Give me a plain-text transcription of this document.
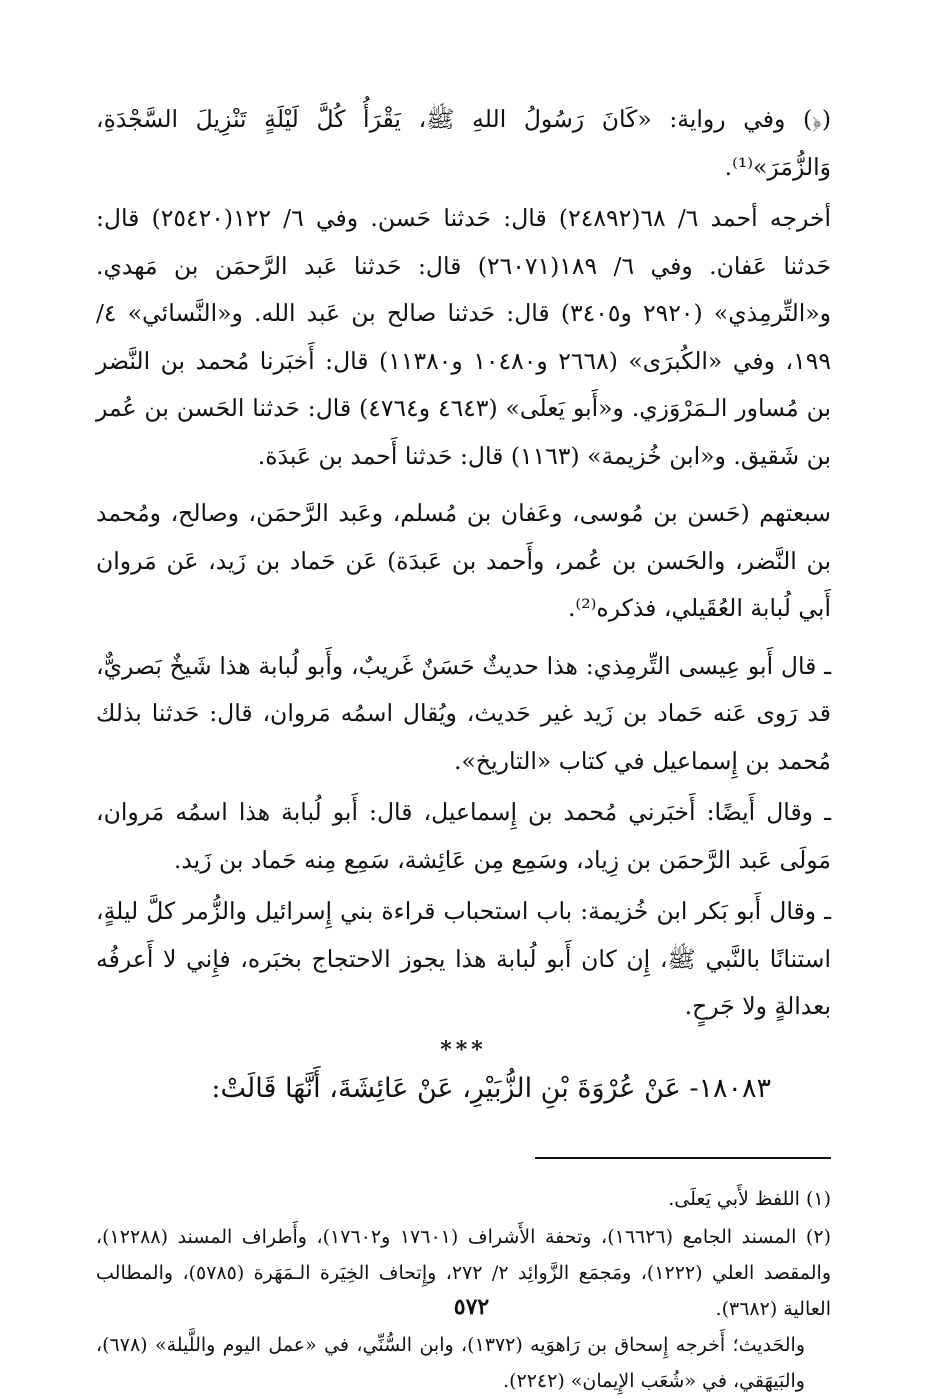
(﴿) وفي رواية: «كَانَ رَسُولُ اللهِ ﷺ، يَقْرَأُ كُلَّ لَيْلَةٍ تَنْزِيلَ السَّجْدَةِ، وَالزُّمَرَ»⁽¹⁾.

أخرجه أحمد ٦/ ٦٨(٢٤٨٩٢) قال: حَدثنا حَسن. وفي ٦/ ١٢٢(٢٥٤٢٠) قال: حَدثنا عَفان. وفي ٦/ ١٨٩(٢٦٠٧١) قال: حَدثنا عَبد الرَّحمَن بن مَهدي. و«التِّرمِذي» (٢٩٢٠ و٣٤٠٥) قال: حَدثنا صالح بن عَبد الله. و«النَّسائي» ٤/ ١٩٩، وفي «الكُبرَى» (٢٦٦٨ و١٠٤٨٠ و١١٣٨٠) قال: أَخبَرنا مُحمد بن النَّضر بن مُساور الـمَرْوَزي. و«أَبو يَعلَى» (٤٦٤٣ و٤٧٦٤) قال: حَدثنا الحَسن بن عُمر بن شَقيق. و«ابن خُزيمة» (١١٦٣) قال: حَدثنا أَحمد بن عَبدَة.

سبعتهم (حَسن بن مُوسى، وعَفان بن مُسلم، وعَبد الرَّحمَن، وصالح، ومُحمد بن النَّضر، والحَسن بن عُمر، وأَحمد بن عَبدَة) عَن حَماد بن زَيد، عَن مَروان أَبي لُبابة العُقَيلي، فذكره⁽²⁾.

ـ قال أَبو عِيسى التِّرمِذي: هذا حديثٌ حَسَنٌ غَريبٌ، وأَبو لُبابة هذا شَيخٌ بَصريٌّ، قد رَوى عَنه حَماد بن زَيد غير حَديث، ويُقال اسمُه مَروان، قال: حَدثنا بذلك مُحمد بن إِسماعيل في كتاب «التاريخ».

ـ وقال أَيضًا: أَخبَرني مُحمد بن إِسماعيل، قال: أَبو لُبابة هذا اسمُه مَروان، مَولَى عَبد الرَّحمَن بن زِياد، وسَمِع مِن عَائِشة، سَمِع مِنه حَماد بن زَيد.

ـ وقال أَبو بَكر ابن خُزيمة: باب استحباب قراءة بني إِسرائيل والزُّمر كلَّ ليلةٍ، استنانًا بالنَّبي ﷺ، إِن كان أَبو لُبابة هذا يجوز الاحتجاج بخبَره، فإِني لا أَعرفُه بعدالةٍ ولا جَرحٍ.

***
١٨٠٨٣- عَنْ عُرْوَةَ بْنِ الزُّبَيْرِ، عَنْ عَائِشَةَ، أَنَّهَا قَالَتْ:

(١) اللفظ لأَبي يَعلَى.

(٢) المسند الجامع (١٦٦٢٦)، وتحفة الأَشراف (١٧٦٠١ و١٧٦٠٢)، وأَطراف المسند (١٢٢٨٨)، والمقصد العلي (١٢٢٢)، ومَجمَع الزَّوائِد ٢/ ٢٧٢، وإِتحاف الخِيَرة الـمَهَرة (٥٧٨٥)، والمطالب العالية (٣٦٨٢).

والحَديث؛ أَخرجه إِسحاق بن رَاهوَيه (١٣٧٢)، وابن السُّنِّي، في «عمل اليوم واللَّيلة» (٦٧٨)، والبَيهَقي، في «شُعَب الإِيمان» (٢٢٤٢).

٥٧٢
